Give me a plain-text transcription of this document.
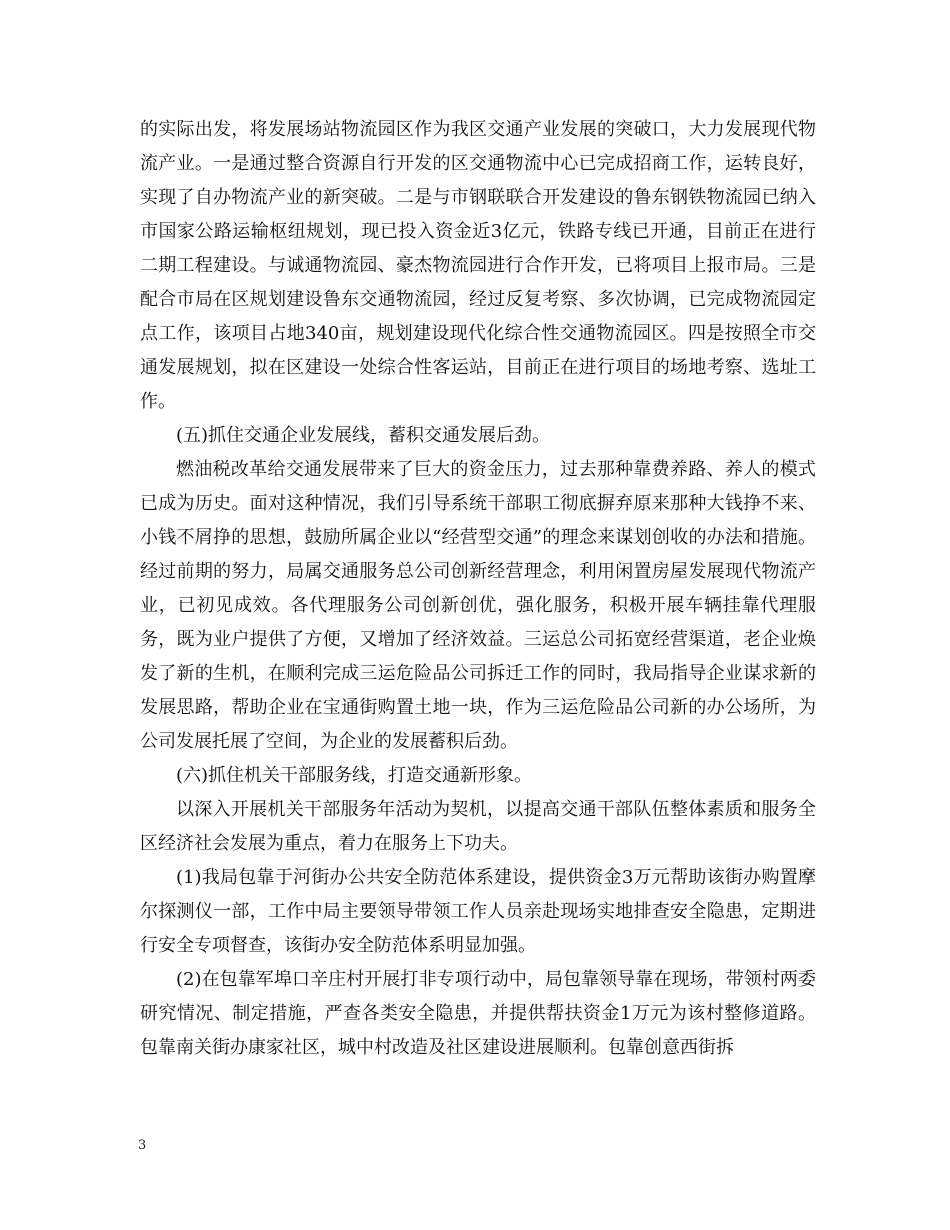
的实际出发，将发展场站物流园区作为我区交通产业发展的突破口，大力发展现代物流产业。一是通过整合资源自行开发的区交通物流中心已完成招商工作，运转良好，实现了自办物流产业的新突破。二是与市钢联联合开发建设的鲁东钢铁物流园已纳入市国家公路运输枢纽规划，现已投入资金近3亿元，铁路专线已开通，目前正在进行二期工程建设。与诚通物流园、豪杰物流园进行合作开发，已将项目上报市局。三是配合市局在区规划建设鲁东交通物流园，经过反复考察、多次协调，已完成物流园定点工作，该项目占地340亩，规划建设现代化综合性交通物流园区。四是按照全市交通发展规划，拟在区建设一处综合性客运站，目前正在进行项目的场地考察、选址工作。

(五)抓住交通企业发展线，蓄积交通发展后劲。

燃油税改革给交通发展带来了巨大的资金压力，过去那种靠费养路、养人的模式已成为历史。面对这种情况，我们引导系统干部职工彻底摒弃原来那种大钱挣不来、小钱不屑挣的思想，鼓励所属企业以“经营型交通”的理念来谋划创收的办法和措施。经过前期的努力，局属交通服务总公司创新经营理念，利用闲置房屋发展现代物流产业，已初见成效。各代理服务公司创新创优，强化服务，积极开展车辆挂靠代理服务，既为业户提供了方便，又增加了经济效益。三运总公司拓宽经营渠道，老企业焕发了新的生机，在顺利完成三运危险品公司拆迁工作的同时，我局指导企业谋求新的发展思路，帮助企业在宝通街购置土地一块，作为三运危险品公司新的办公场所，为公司发展托展了空间，为企业的发展蓄积后劲。

(六)抓住机关干部服务线，打造交通新形象。

以深入开展机关干部服务年活动为契机，以提高交通干部队伍整体素质和服务全区经济社会发展为重点，着力在服务上下功夫。

(1)我局包靠于河街办公共安全防范体系建设，提供资金3万元帮助该街办购置摩尔探测仪一部，工作中局主要领导带领工作人员亲赴现场实地排查安全隐患，定期进行安全专项督查，该街办安全防范体系明显加强。

(2)在包靠军埠口辛庄村开展打非专项行动中，局包靠领导靠在现场，带领村两委研究情况、制定措施，严查各类安全隐患，并提供帮扶资金1万元为该村整修道路。包靠南关街办康家社区，城中村改造及社区建设进展顺利。包靠创意西街拆

3
